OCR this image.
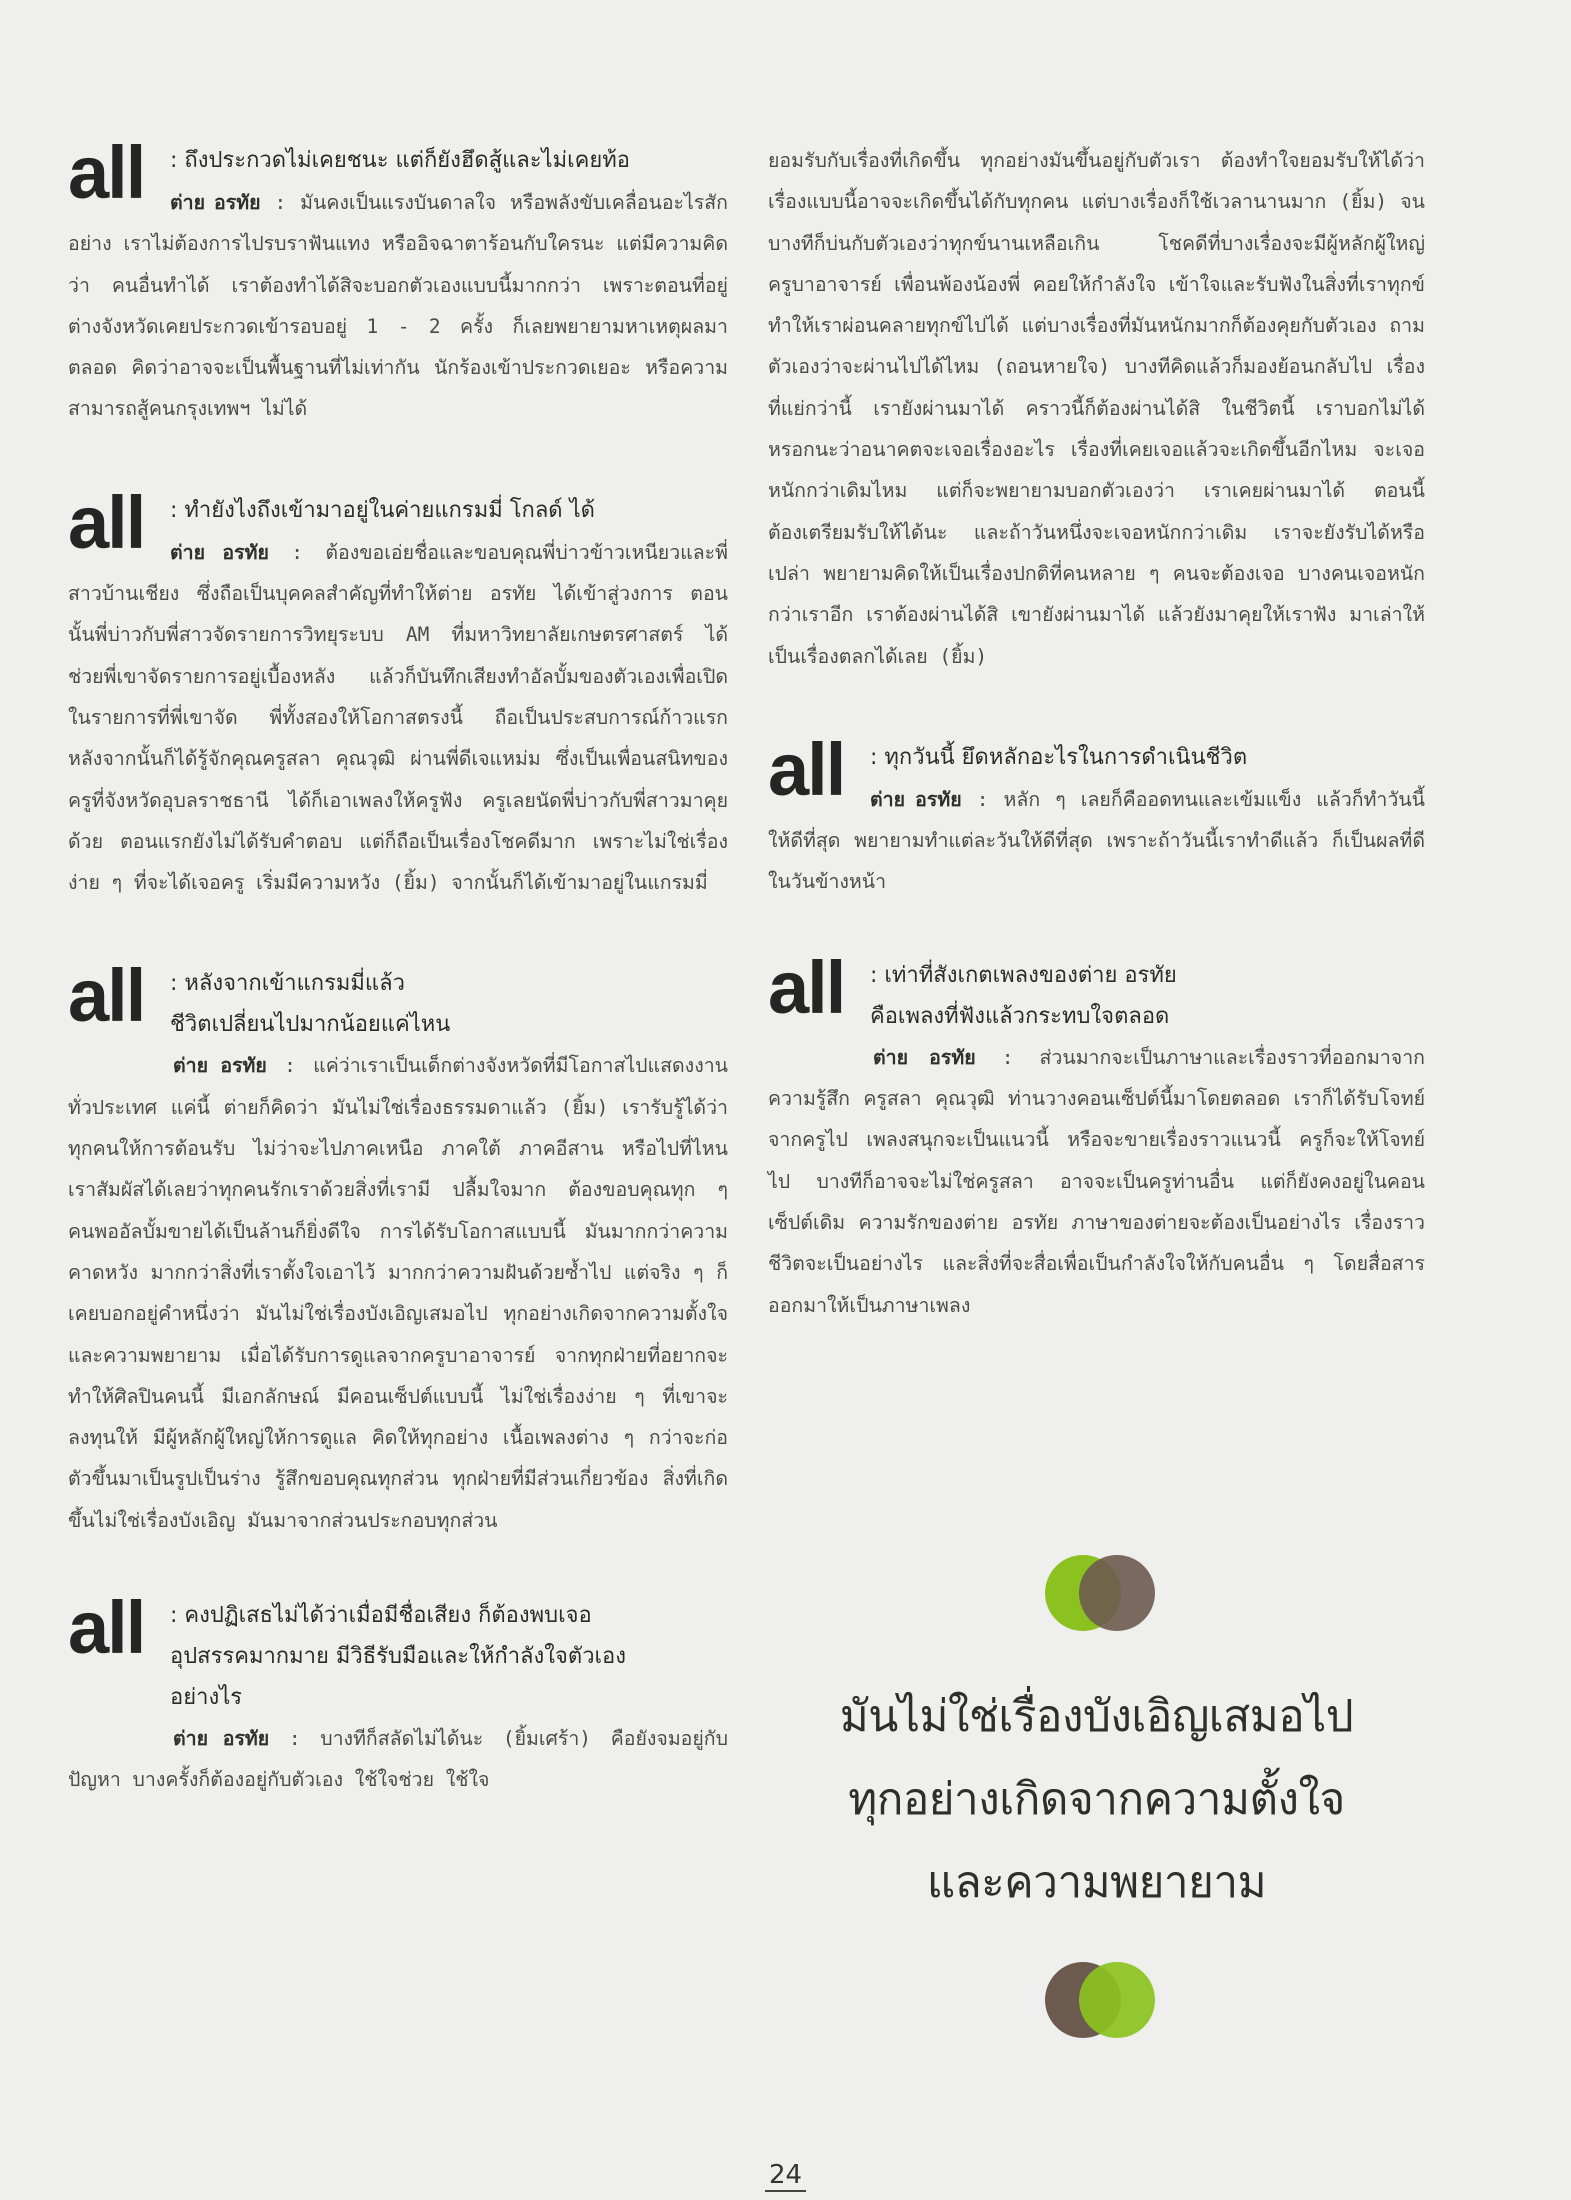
all : ถึงประกวดไม่เคยชนะ แต่ก็ยังฮึดสู้และไม่เคยท้อ

ต่าย อรทัย : มันคงเป็นแรงบันดาลใจ หรือพลังขับเคลื่อนอะไรสักอย่าง เราไม่ต้องการไปรบราฟันแทง หรืออิจฉาตาร้อนกับใครนะ แต่มีความคิดว่า คนอื่นทำได้ เราต้องทำได้สิจะบอกตัวเองแบบนี้มากกว่า เพราะตอนที่อยู่ต่างจังหวัดเคยประกวดเข้ารอบอยู่ 1 - 2 ครั้ง ก็เลยพยายามหาเหตุผลมาตลอด คิดว่าอาจจะเป็นพื้นฐานที่ไม่เท่ากัน นักร้องเข้าประกวดเยอะ หรือความสามารถสู้คนกรุงเทพฯ ไม่ได้

all : ทำยังไงถึงเข้ามาอยู่ในค่ายแกรมมี่ โกลด์ ได้

ต่าย อรทัย : ต้องขอเอ่ยชื่อและขอบคุณพี่บ่าวข้าวเหนียวและพี่สาวบ้านเชียง ซึ่งถือเป็นบุคคลสำคัญที่ทำให้ต่าย อรทัย ได้เข้าสู่วงการ ตอนนั้นพี่บ่าวกับพี่สาวจัดรายการวิทยุระบบ AM ที่มหาวิทยาลัยเกษตรศาสตร์ ได้ช่วยพี่เขาจัดรายการอยู่เบื้องหลัง แล้วก็บันทึกเสียงทำอัลบั้มของตัวเองเพื่อเปิดในรายการที่พี่เขาจัด พี่ทั้งสองให้โอกาสตรงนี้ ถือเป็นประสบการณ์ก้าวแรก หลังจากนั้นก็ได้รู้จักคุณครูสลา คุณวุฒิ ผ่านพี่ดีเจแหม่ม ซึ่งเป็นเพื่อนสนิทของครูที่จังหวัดอุบลราชธานี ได้ก็เอาเพลงให้ครูฟัง ครูเลยนัดพี่บ่าวกับพี่สาวมาคุยด้วย ตอนแรกยังไม่ได้รับคำตอบ แต่ก็ถือเป็นเรื่องโชคดีมาก เพราะไม่ใช่เรื่องง่าย ๆ ที่จะได้เจอครู เริ่มมีความหวัง (ยิ้ม) จากนั้นก็ได้เข้ามาอยู่ในแกรมมี่

all : หลังจากเข้าแกรมมี่แล้ว
ชีวิตเปลี่ยนไปมากน้อยแค่ไหน

ต่าย อรทัย : แค่ว่าเราเป็นเด็กต่างจังหวัดที่มีโอกาสไปแสดงงานทั่วประเทศ แค่นี้ ต่ายก็คิดว่า มันไม่ใช่เรื่องธรรมดาแล้ว (ยิ้ม) เรารับรู้ได้ว่า ทุกคนให้การต้อนรับ ไม่ว่าจะไปภาคเหนือ ภาคใต้ ภาคอีสาน หรือไปที่ไหน เราสัมผัสได้เลยว่าทุกคนรักเราด้วยสิ่งที่เรามี ปลื้มใจมาก ต้องขอบคุณทุก ๆ คนพออัลบั้มขายได้เป็นล้านก็ยิ่งดีใจ การได้รับโอกาสแบบนี้ มันมากกว่าความคาดหวัง มากกว่าสิ่งที่เราตั้งใจเอาไว้ มากกว่าความฝันด้วยซ้ำไป แต่จริง ๆ ก็เคยบอกอยู่คำหนึ่งว่า มันไม่ใช่เรื่องบังเอิญเสมอไป ทุกอย่างเกิดจากความตั้งใจและความพยายาม เมื่อได้รับการดูแลจากครูบาอาจารย์ จากทุกฝ่ายที่อยากจะทำให้ศิลปินคนนี้ มีเอกลักษณ์ มีคอนเซ็ปต์แบบนี้ ไม่ใช่เรื่องง่าย ๆ ที่เขาจะลงทุนให้ มีผู้หลักผู้ใหญ่ให้การดูแล คิดให้ทุกอย่าง เนื้อเพลงต่าง ๆ กว่าจะก่อตัวขึ้นมาเป็นรูปเป็นร่าง รู้สึกขอบคุณทุกส่วน ทุกฝ่ายที่มีส่วนเกี่ยวข้อง สิ่งที่เกิดขึ้นไม่ใช่เรื่องบังเอิญ มันมาจากส่วนประกอบทุกส่วน

all : คงปฏิเสธไม่ได้ว่าเมื่อมีชื่อเสียง ก็ต้องพบเจอ
อุปสรรคมากมาย มีวิธีรับมือและให้กำลังใจตัวเอง
อย่างไร

ต่าย อรทัย : บางทีก็สลัดไม่ได้นะ (ยิ้มเศร้า) คือยังจมอยู่กับปัญหา บางครั้งก็ต้องอยู่กับตัวเอง ใช้ใจช่วย ใช้ใจ

ยอมรับกับเรื่องที่เกิดขึ้น ทุกอย่างมันขึ้นอยู่กับตัวเรา ต้องทำใจยอมรับให้ได้ว่า เรื่องแบบนี้อาจจะเกิดขึ้นได้กับทุกคน แต่บางเรื่องก็ใช้เวลานานมาก (ยิ้ม) จนบางทีก็บ่นกับตัวเองว่าทุกข์นานเหลือเกิน โชคดีที่บางเรื่องจะมีผู้หลักผู้ใหญ่ ครูบาอาจารย์ เพื่อนพ้องน้องพี่ คอยให้กำลังใจ เข้าใจและรับฟังในสิ่งที่เราทุกข์ ทำให้เราผ่อนคลายทุกข์ไปได้ แต่บางเรื่องที่มันหนักมากก็ต้องคุยกับตัวเอง ถามตัวเองว่าจะผ่านไปได้ไหม (ถอนหายใจ) บางทีคิดแล้วก็มองย้อนกลับไป เรื่องที่แย่กว่านี้ เรายังผ่านมาได้ คราวนี้ก็ต้องผ่านได้สิ ในชีวิตนี้ เราบอกไม่ได้หรอกนะว่าอนาคตจะเจอเรื่องอะไร เรื่องที่เคยเจอแล้วจะเกิดขึ้นอีกไหม จะเจอหนักกว่าเดิมไหม แต่ก็จะพยายามบอกตัวเองว่า เราเคยผ่านมาได้ ตอนนี้ต้องเตรียมรับให้ได้นะ และถ้าวันหนึ่งจะเจอหนักกว่าเดิม เราจะยังรับได้หรือเปล่า พยายามคิดให้เป็นเรื่องปกติที่คนหลาย ๆ คนจะต้องเจอ บางคนเจอหนักกว่าเราอีก เราต้องผ่านได้สิ เขายังผ่านมาได้ แล้วยังมาคุยให้เราฟัง มาเล่าให้เป็นเรื่องตลกได้เลย (ยิ้ม)

all : ทุกวันนี้ ยึดหลักอะไรในการดำเนินชีวิต

ต่าย อรทัย : หลัก ๆ เลยก็คืออดทนและเข้มแข็ง แล้วก็ทำวันนี้ให้ดีที่สุด พยายามทำแต่ละวันให้ดีที่สุด เพราะถ้าวันนี้เราทำดีแล้ว ก็เป็นผลที่ดีในวันข้างหน้า

all : เท่าที่สังเกตเพลงของต่าย อรทัย
คือเพลงที่ฟังแล้วกระทบใจตลอด

ต่าย อรทัย : ส่วนมากจะเป็นภาษาและเรื่องราวที่ออกมาจากความรู้สึก ครูสลา คุณวุฒิ ท่านวางคอนเซ็ปต์นี้มาโดยตลอด เราก็ได้รับโจทย์จากครูไป เพลงสนุกจะเป็นแนวนี้ หรือจะขายเรื่องราวแนวนี้ ครูก็จะให้โจทย์ไป บางทีก็อาจจะไม่ใช่ครูสลา อาจจะเป็นครูท่านอื่น แต่ก็ยังคงอยู่ในคอนเซ็ปต์เดิม ความรักของต่าย อรทัย ภาษาของต่ายจะต้องเป็นอย่างไร เรื่องราวชีวิตจะเป็นอย่างไร และสิ่งที่จะสื่อเพื่อเป็นกำลังใจให้กับคนอื่น ๆ โดยสื่อสารออกมาให้เป็นภาษาเพลง

มันไม่ใช่เรื่องบังเอิญเสมอไป
ทุกอย่างเกิดจากความตั้งใจ
และความพยายาม
24
